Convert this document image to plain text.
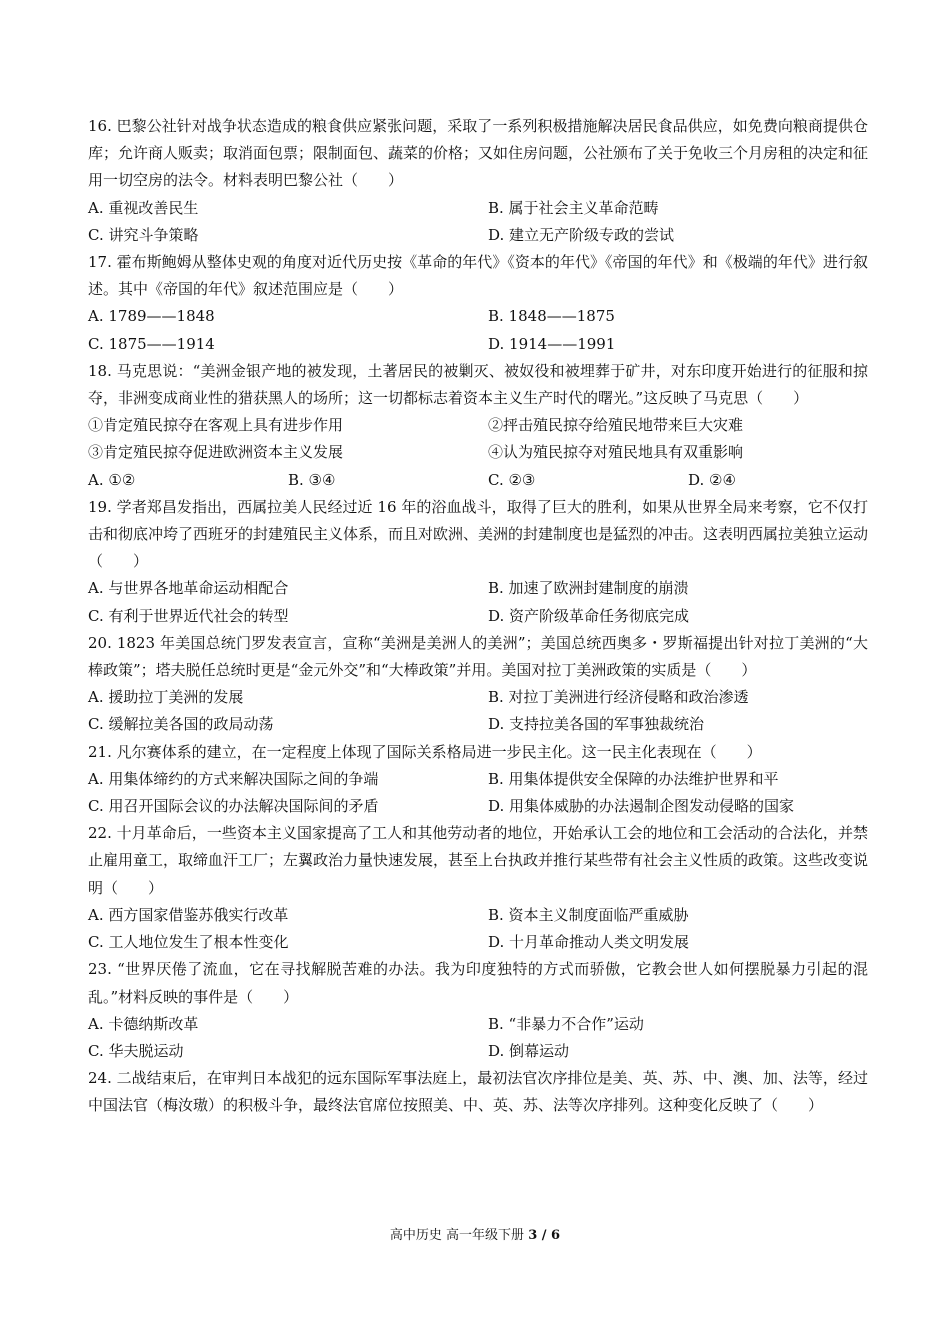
16. 巴黎公社针对战争状态造成的粮食供应紧张问题，采取了一系列积极措施解决居民食品供应，如免费向粮商提供仓库；允许商人贩卖；取消面包票；限制面包、蔬菜的价格；又如住房问题，公社颁布了关于免收三个月房租的决定和征用一切空房的法令。材料表明巴黎公社（　　）

A. 重视改善民生	B. 属于社会主义革命范畴
C. 讲究斗争策略	D. 建立无产阶级专政的尝试

17. 霍布斯鲍姆从整体史观的角度对近代历史按《革命的年代》《资本的年代》《帝国的年代》和《极端的年代》进行叙述。其中《帝国的年代》叙述范围应是（　　）

A. 1789——1848	B. 1848——1875
C. 1875——1914	D. 1914——1991

18. 马克思说：“美洲金银产地的被发现，土著居民的被剿灭、被奴役和被埋葬于矿井，对东印度开始进行的征服和掠夺，非洲变成商业性的猎获黑人的场所；这一切都标志着资本主义生产时代的曙光。”这反映了马克思（　　）

①肯定殖民掠夺在客观上具有进步作用	②抨击殖民掠夺给殖民地带来巨大灾难
③肯定殖民掠夺促进欧洲资本主义发展	④认为殖民掠夺对殖民地具有双重影响
A. ①②	B. ③④	C. ②③	D. ②④

19. 学者郑昌发指出，西属拉美人民经过近 16 年的浴血战斗，取得了巨大的胜利，如果从世界全局来考察，它不仅打击和彻底冲垮了西班牙的封建殖民主义体系，而且对欧洲、美洲的封建制度也是猛烈的冲击。这表明西属拉美独立运动（　　）

A. 与世界各地革命运动相配合	B. 加速了欧洲封建制度的崩溃
C. 有利于世界近代社会的转型	D. 资产阶级革命任务彻底完成

20. 1823 年美国总统门罗发表宣言，宣称“美洲是美洲人的美洲”；美国总统西奥多・罗斯福提出针对拉丁美洲的“大棒政策”；塔夫脱任总统时更是“金元外交”和“大棒政策”并用。美国对拉丁美洲政策的实质是（　　）

A. 援助拉丁美洲的发展	B. 对拉丁美洲进行经济侵略和政治渗透
C. 缓解拉美各国的政局动荡	D. 支持拉美各国的军事独裁统治

21. 凡尔赛体系的建立，在一定程度上体现了国际关系格局进一步民主化。这一民主化表现在（　　）

A. 用集体缔约的方式来解决国际之间的争端	B. 用集体提供安全保障的办法维护世界和平
C. 用召开国际会议的办法解决国际间的矛盾	D. 用集体威胁的办法遏制企图发动侵略的国家

22. 十月革命后，一些资本主义国家提高了工人和其他劳动者的地位，开始承认工会的地位和工会活动的合法化，并禁止雇用童工，取缔血汗工厂；左翼政治力量快速发展，甚至上台执政并推行某些带有社会主义性质的政策。这些改变说明（　　）

A. 西方国家借鉴苏俄实行改革	B. 资本主义制度面临严重威胁
C. 工人地位发生了根本性变化	D. 十月革命推动人类文明发展

23. “世界厌倦了流血，它在寻找解脱苦难的办法。我为印度独特的方式而骄傲，它教会世人如何摆脱暴力引起的混乱。”材料反映的事件是（　　）

A. 卡德纳斯改革	B. “非暴力不合作”运动
C. 华夫脱运动	D. 倒幕运动

24. 二战结束后，在审判日本战犯的远东国际军事法庭上，最初法官次序排位是美、英、苏、中、澳、加、法等，经过中国法官（梅汝璈）的积极斗争，最终法官席位按照美、中、英、苏、法等次序排列。这种变化反映了（　　）

高中历史 高一年级下册 3 / 6
